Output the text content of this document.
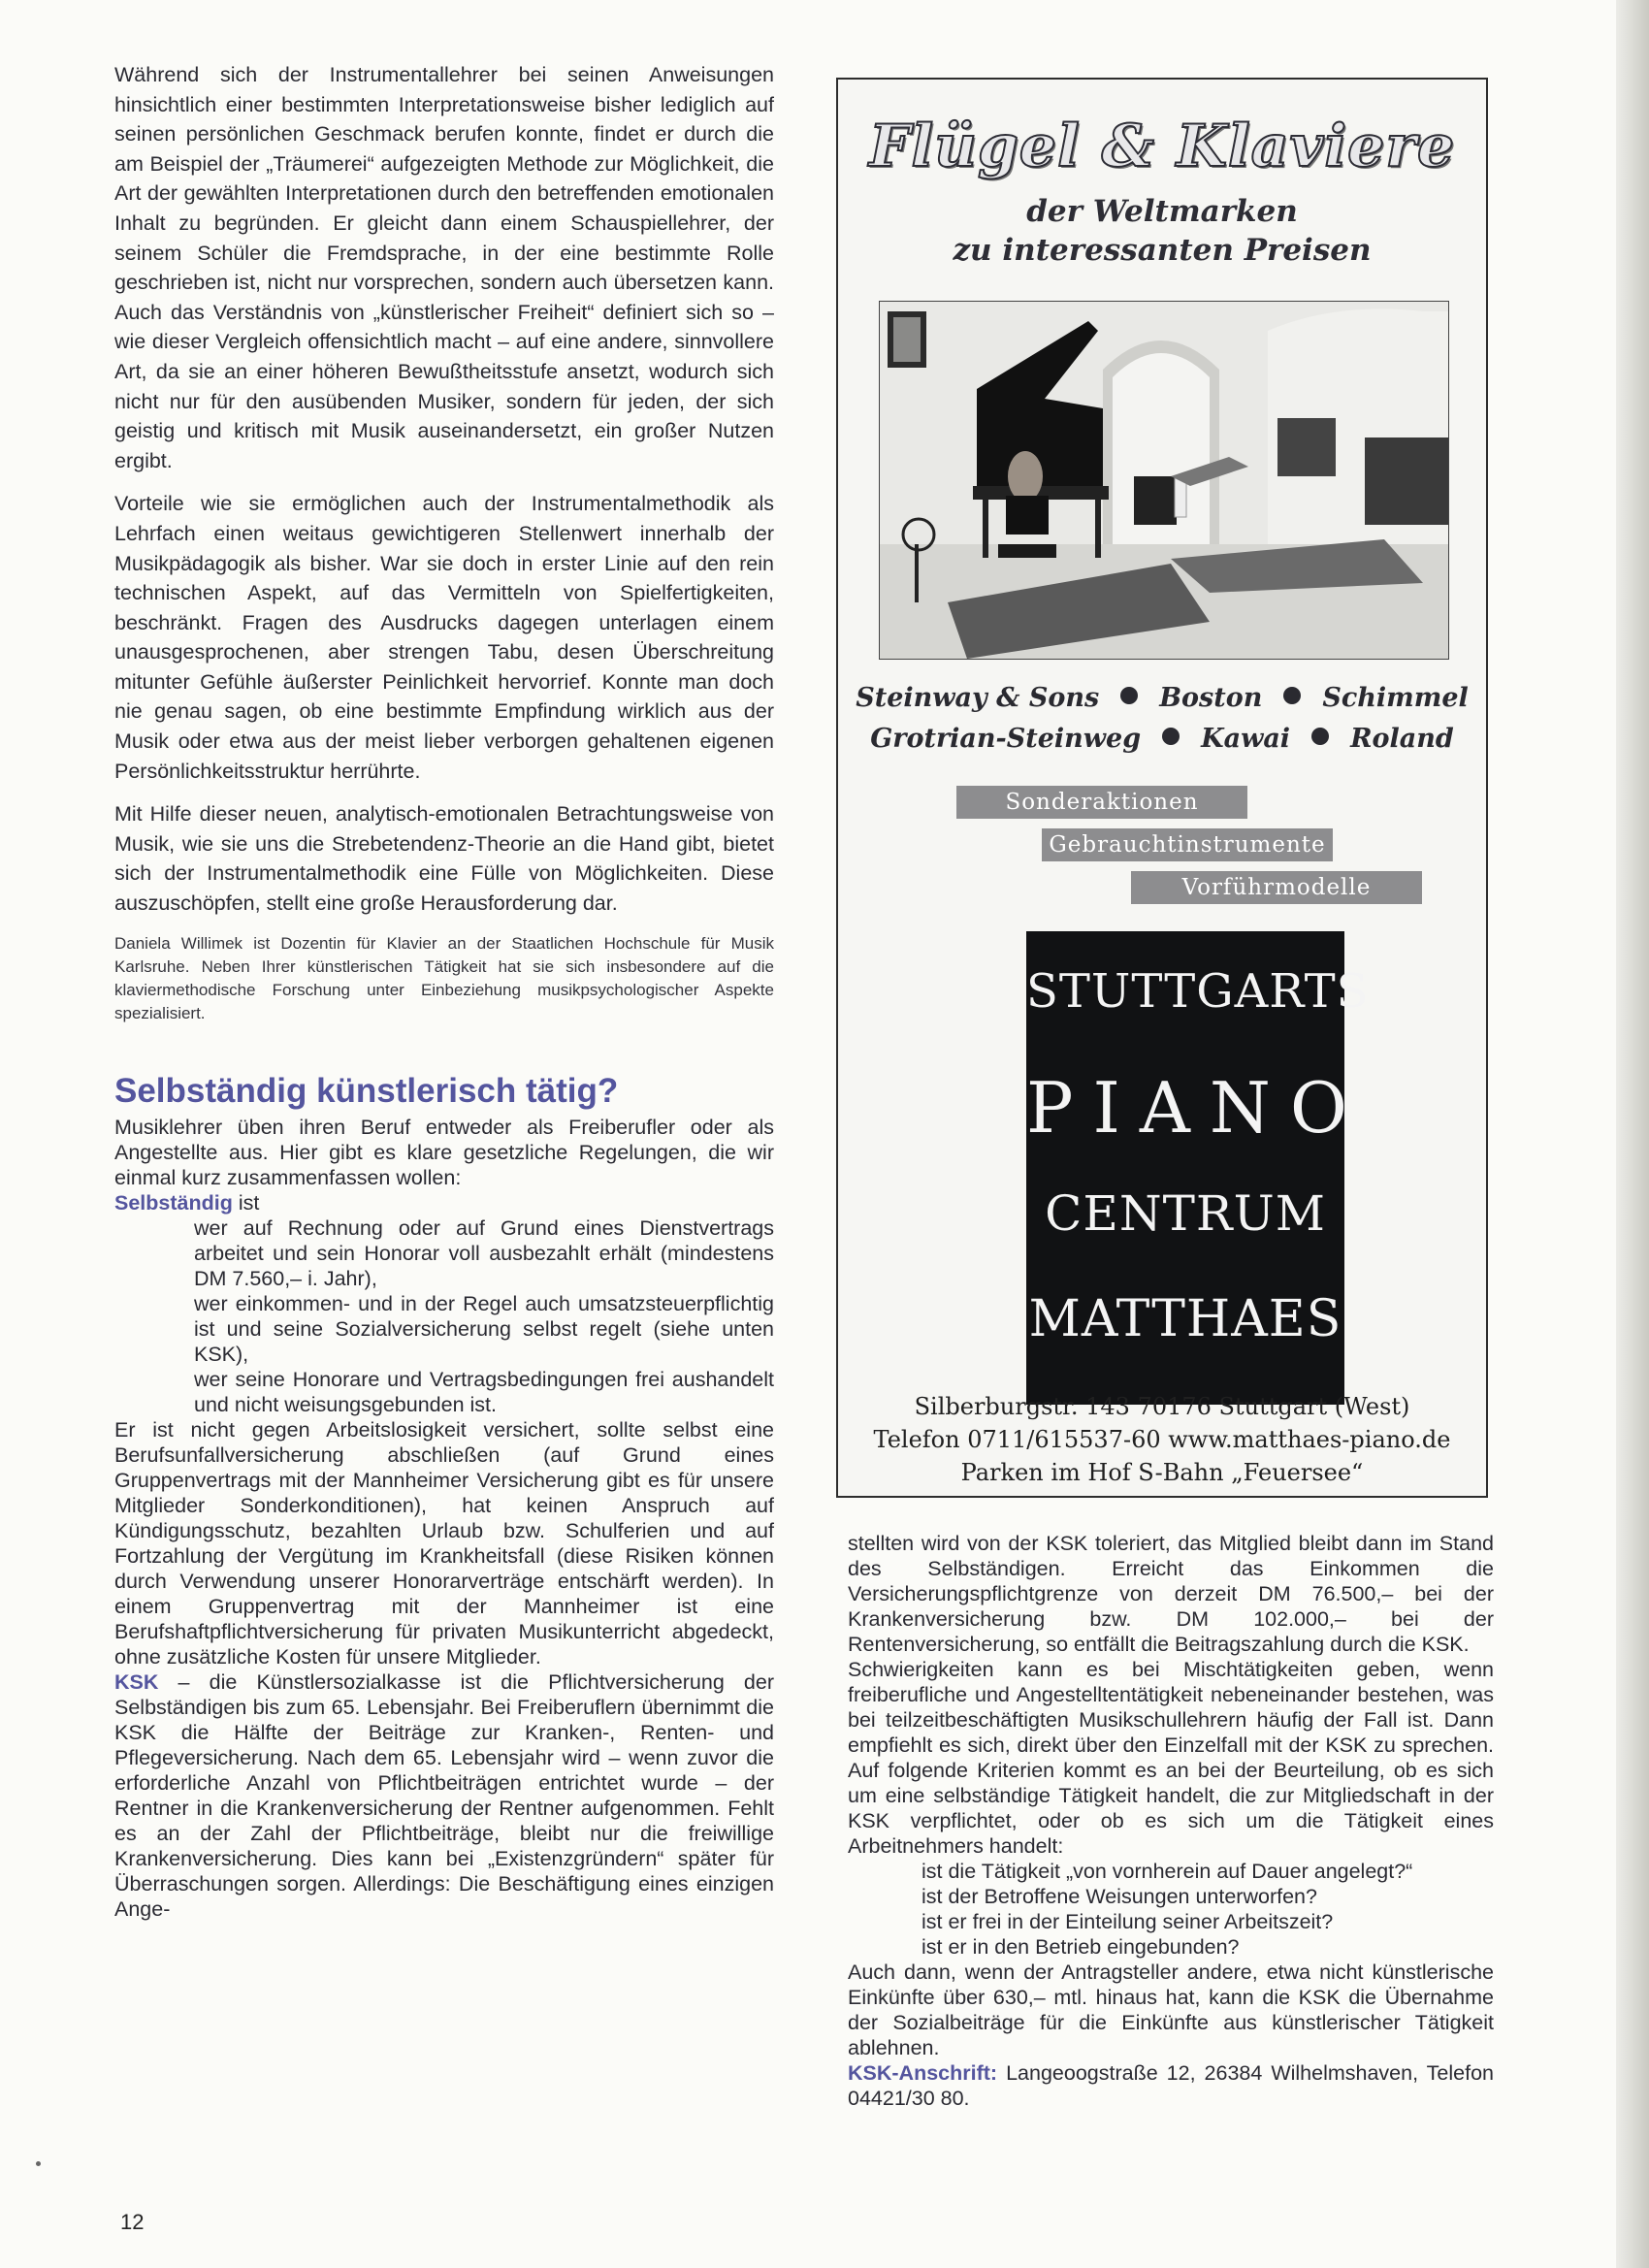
Während sich der Instrumentallehrer bei seinen Anweisungen hinsichtlich einer bestimmten Interpretationsweise bisher lediglich auf seinen persönlichen Geschmack berufen konnte, findet er durch die am Beispiel der „Träumerei“ aufgezeigten Methode zur Möglichkeit, die Art der gewählten Interpretationen durch den betreffenden emotionalen Inhalt zu begründen. Er gleicht dann einem Schauspiellehrer, der seinem Schüler die Fremdsprache, in der eine bestimmte Rolle geschrieben ist, nicht nur vorsprechen, sondern auch übersetzen kann. Auch das Verständnis von „künstlerischer Freiheit“ definiert sich so – wie dieser Vergleich offensichtlich macht – auf eine andere, sinnvollere Art, da sie an einer höheren Bewußtheitsstufe ansetzt, wodurch sich nicht nur für den ausübenden Musiker, sondern für jeden, der sich geistig und kritisch mit Musik auseinandersetzt, ein großer Nutzen ergibt.

Vorteile wie sie ermöglichen auch der Instrumentalmethodik als Lehrfach einen weitaus gewichtigeren Stellenwert innerhalb der Musikpädagogik als bisher. War sie doch in erster Linie auf den rein technischen Aspekt, auf das Vermitteln von Spielfertigkeiten, beschränkt. Fragen des Ausdrucks dagegen unterlagen einem unausgesprochenen, aber strengen Tabu, desen Überschreitung mitunter Gefühle äußerster Peinlichkeit hervorrief. Konnte man doch nie genau sagen, ob eine bestimmte Empfindung wirklich aus der Musik oder etwa aus der meist lieber verborgen gehaltenen eigenen Persönlichkeitsstruktur herrührte.

Mit Hilfe dieser neuen, analytisch-emotionalen Betrachtungsweise von Musik, wie sie uns die Strebetendenz-Theorie an die Hand gibt, bietet sich der Instrumentalmethodik eine Fülle von Möglichkeiten. Diese auszuschöpfen, stellt eine große Herausforderung dar.

Daniela Willimek ist Dozentin für Klavier an der Staatlichen Hochschule für Musik Karlsruhe. Neben Ihrer künstlerischen Tätigkeit hat sie sich insbesondere auf die klaviermethodische Forschung unter Einbeziehung musikpsychologischer Aspekte spezialisiert.

Selbständig künstlerisch tätig?

Musiklehrer üben ihren Beruf entweder als Freiberufler oder als Angestellte aus. Hier gibt es klare gesetzliche Regelungen, die wir einmal kurz zusammenfassen wollen:

Selbständig ist

wer auf Rechnung oder auf Grund eines Dienstvertrags arbeitet und sein Honorar voll ausbezahlt erhält (mindestens DM 7.560,– i. Jahr),

wer einkommen- und in der Regel auch umsatzsteuerpflichtig ist und seine Sozialversicherung selbst regelt (siehe unten KSK),

wer seine Honorare und Vertragsbedingungen frei aushandelt und nicht weisungsgebunden ist.

Er ist nicht gegen Arbeitslosigkeit versichert, sollte selbst eine Berufsunfallversicherung abschließen (auf Grund eines Gruppenvertrags mit der Mannheimer Versicherung gibt es für unsere Mitglieder Sonderkonditionen), hat keinen Anspruch auf Kündigungsschutz, bezahlten Urlaub bzw. Schulferien und auf Fortzahlung der Vergütung im Krankheitsfall (diese Risiken können durch Verwendung unserer Honorarverträge entschärft werden). In einem Gruppenvertrag mit der Mannheimer ist eine Berufshaftpflichtversicherung für privaten Musikunterricht abgedeckt, ohne zusätzliche Kosten für unsere Mitglieder.

KSK – die Künstlersozialkasse ist die Pflichtversicherung der Selbständigen bis zum 65. Lebensjahr. Bei Freiberuflern übernimmt die KSK die Hälfte der Beiträge zur Kranken-, Renten- und Pflegeversicherung. Nach dem 65. Lebensjahr wird – wenn zuvor die erforderliche Anzahl von Pflichtbeiträgen entrichtet wurde – der Rentner in die Krankenversicherung der Rentner aufgenommen. Fehlt es an der Zahl der Pflichtbeiträge, bleibt nur die freiwillige Krankenversicherung. Dies kann bei „Existenzgründern“ später für Überraschungen sorgen. Allerdings: Die Beschäftigung eines einzigen Ange-

Flügel & Klaviere
der Weltmarken
zu interessanten Preisen
Steinway & Sons Boston Schimmel
Grotrian-Steinweg Kawai Roland
Sonderaktionen
Gebrauchtinstrumente
Vorführmodelle
STUTTGARTS
PIANO
CENTRUM
MATTHAES
Silberburgstr. 143 70176 Stuttgart (West)
Telefon 0711/615537-60 www.matthaes-piano.de
Parken im Hof S-Bahn „Feuersee“

stellten wird von der KSK toleriert, das Mitglied bleibt dann im Stand des Selbständigen. Erreicht das Einkommen die Versicherungspflichtgrenze von derzeit DM 76.500,– bei der Krankenversicherung bzw. DM 102.000,– bei der Rentenversicherung, so entfällt die Beitragszahlung durch die KSK.

Schwierigkeiten kann es bei Mischtätigkeiten geben, wenn freiberufliche und Angestelltentätigkeit nebeneinander bestehen, was bei teilzeitbeschäftigten Musikschullehrern häufig der Fall ist. Dann empfiehlt es sich, direkt über den Einzelfall mit der KSK zu sprechen. Auf folgende Kriterien kommt es an bei der Beurteilung, ob es sich um eine selbständige Tätigkeit handelt, die zur Mitgliedschaft in der KSK verpflichtet, oder ob es sich um die Tätigkeit eines Arbeitnehmers handelt:

ist die Tätigkeit „von vornherein auf Dauer angelegt?“

ist der Betroffene Weisungen unterworfen?

ist er frei in der Einteilung seiner Arbeitszeit?

ist er in den Betrieb eingebunden?

Auch dann, wenn der Antragsteller andere, etwa nicht künstlerische Einkünfte über 630,– mtl. hinaus hat, kann die KSK die Übernahme der Sozialbeiträge für die Einkünfte aus künstlerischer Tätigkeit ablehnen.

KSK-Anschrift: Langeoogstraße 12, 26384 Wilhelmshaven, Telefon 04421/30 80.

12
